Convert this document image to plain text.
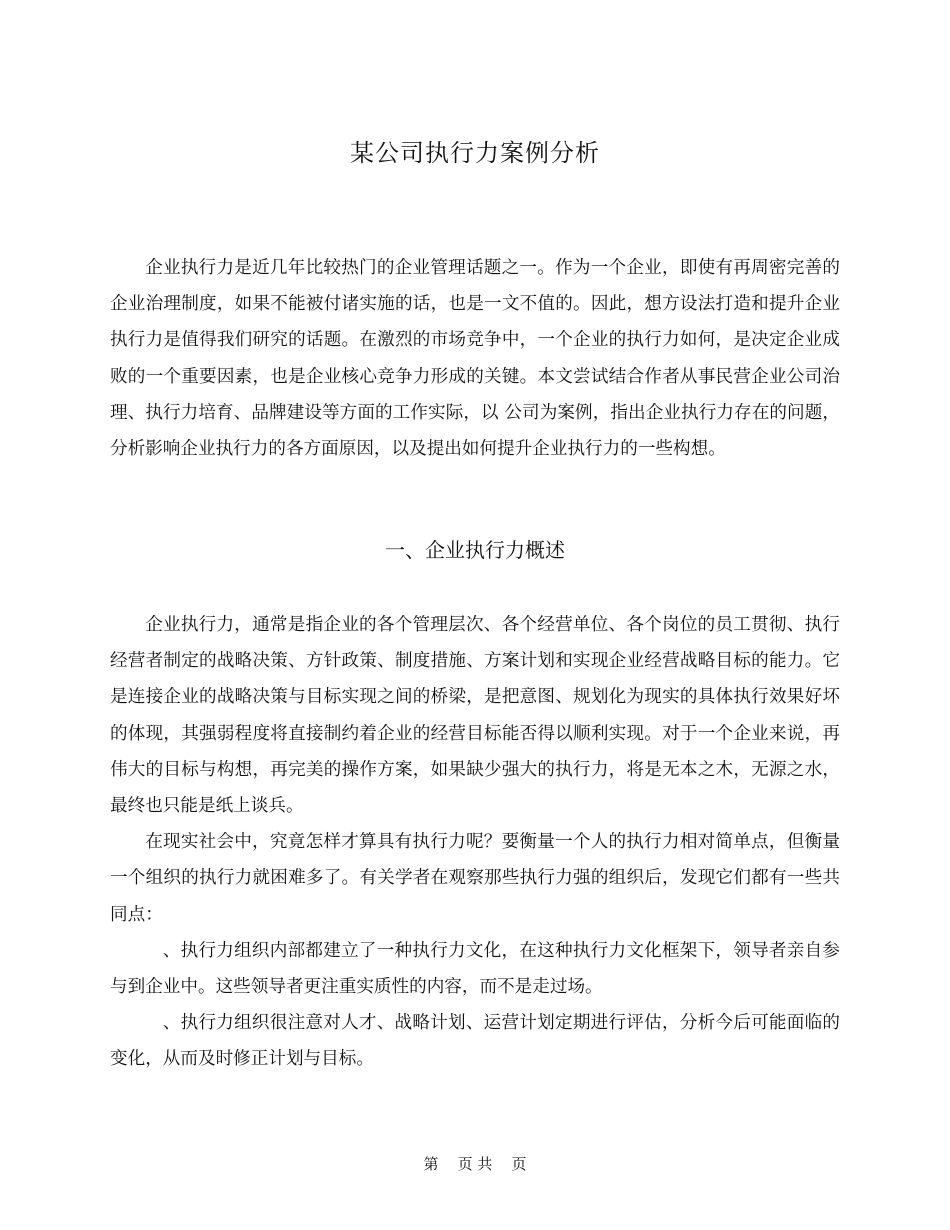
某公司执行力案例分析

企业执行力是近几年比较热门的企业管理话题之一。作为一个企业，即使有再周密完善的企业治理制度，如果不能被付诸实施的话，也是一文不值的。因此，想方设法打造和提升企业执行力是值得我们研究的话题。在激烈的市场竞争中，一个企业的执行力如何，是决定企业成败的一个重要因素，也是企业核心竞争力形成的关键。本文尝试结合作者从事民营企业公司治理、执行力培育、品牌建设等方面的工作实际，以 公司为案例，指出企业执行力存在的问题，分析影响企业执行力的各方面原因，以及提出如何提升企业执行力的一些构想。

一、企业执行力概述

企业执行力，通常是指企业的各个管理层次、各个经营单位、各个岗位的员工贯彻、执行经营者制定的战略决策、方针政策、制度措施、方案计划和实现企业经营战略目标的能力。它是连接企业的战略决策与目标实现之间的桥梁，是把意图、规划化为现实的具体执行效果好坏的体现，其强弱程度将直接制约着企业的经营目标能否得以顺利实现。对于一个企业来说，再伟大的目标与构想，再完美的操作方案，如果缺少强大的执行力，将是无本之木，无源之水，最终也只能是纸上谈兵。

在现实社会中，究竟怎样才算具有执行力呢？要衡量一个人的执行力相对简单点，但衡量一个组织的执行力就困难多了。有关学者在观察那些执行力强的组织后，发现它们都有一些共同点：

、执行力组织内部都建立了一种执行力文化，在这种执行力文化框架下，领导者亲自参与到企业中。这些领导者更注重实质性的内容，而不是走过场。

、执行力组织很注意对人才、战略计划、运营计划定期进行评估，分析今后可能面临的变化，从而及时修正计划与目标。

第    页 共    页
